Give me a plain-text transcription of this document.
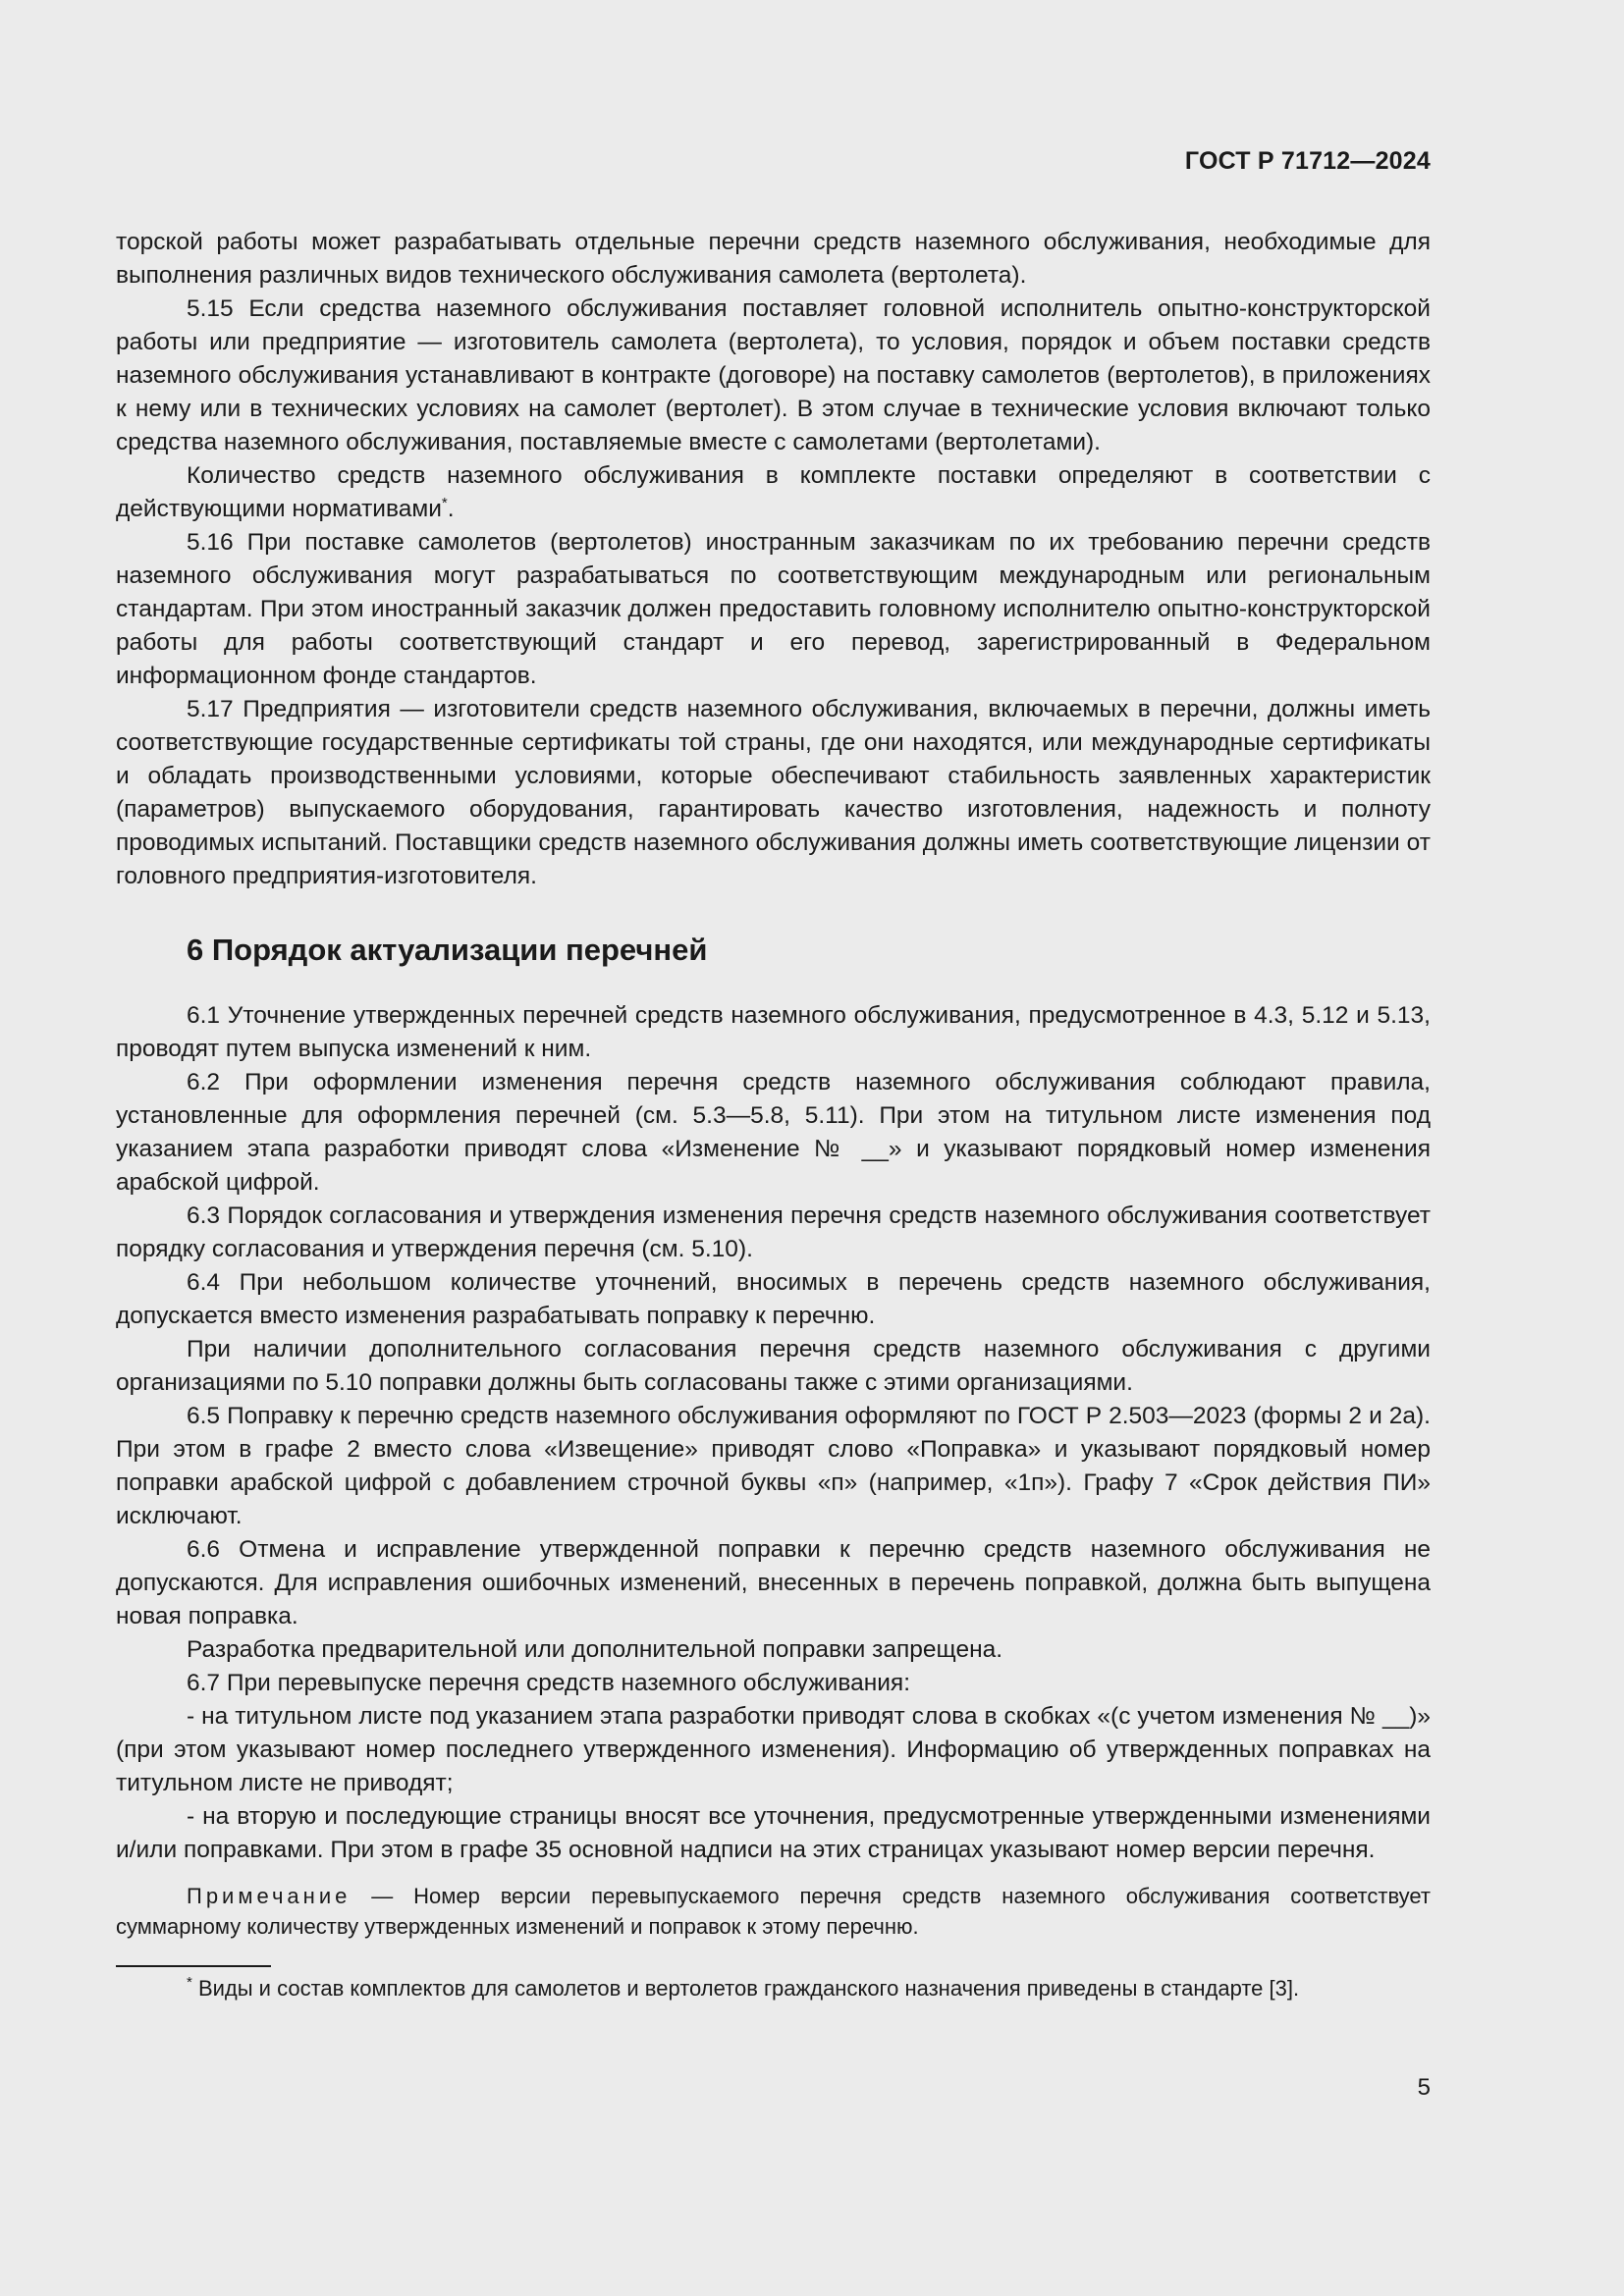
ГОСТ Р 71712—2024

торской работы может разрабатывать отдельные перечни средств наземного обслуживания, необходимые для выполнения различных видов технического обслуживания самолета (вертолета).

5.15 Если средства наземного обслуживания поставляет головной исполнитель опытно-конструкторской работы или предприятие — изготовитель самолета (вертолета), то условия, порядок и объем поставки средств наземного обслуживания устанавливают в контракте (договоре) на поставку самолетов (вертолетов), в приложениях к нему или в технических условиях на самолет (вертолет). В этом случае в технические условия включают только средства наземного обслуживания, поставляемые вместе с самолетами (вертолетами).

Количество средств наземного обслуживания в комплекте поставки определяют в соответствии с действующими нормативами*.

5.16 При поставке самолетов (вертолетов) иностранным заказчикам по их требованию перечни средств наземного обслуживания могут разрабатываться по соответствующим международным или региональным стандартам. При этом иностранный заказчик должен предоставить головному исполнителю опытно-конструкторской работы для работы соответствующий стандарт и его перевод, зарегистрированный в Федеральном информационном фонде стандартов.

5.17 Предприятия — изготовители средств наземного обслуживания, включаемых в перечни, должны иметь соответствующие государственные сертификаты той страны, где они находятся, или международные сертификаты и обладать производственными условиями, которые обеспечивают стабильность заявленных характеристик (параметров) выпускаемого оборудования, гарантировать качество изготовления, надежность и полноту проводимых испытаний. Поставщики средств наземного обслуживания должны иметь соответствующие лицензии от головного предприятия-изготовителя.

6 Порядок актуализации перечней

6.1 Уточнение утвержденных перечней средств наземного обслуживания, предусмотренное в 4.3, 5.12 и 5.13, проводят путем выпуска изменений к ним.

6.2 При оформлении изменения перечня средств наземного обслуживания соблюдают правила, установленные для оформления перечней (см. 5.3—5.8, 5.11). При этом на титульном листе изменения под указанием этапа разработки приводят слова «Изменение № __» и указывают порядковый номер изменения арабской цифрой.

6.3 Порядок согласования и утверждения изменения перечня средств наземного обслуживания соответствует порядку согласования и утверждения перечня (см. 5.10).

6.4 При небольшом количестве уточнений, вносимых в перечень средств наземного обслуживания, допускается вместо изменения разрабатывать поправку к перечню.

При наличии дополнительного согласования перечня средств наземного обслуживания с другими организациями по 5.10 поправки должны быть согласованы также с этими организациями.

6.5 Поправку к перечню средств наземного обслуживания оформляют по ГОСТ Р 2.503—2023 (формы 2 и 2а). При этом в графе 2 вместо слова «Извещение» приводят слово «Поправка» и указывают порядковый номер поправки арабской цифрой с добавлением строчной буквы «п» (например, «1п»). Графу 7 «Срок действия ПИ» исключают.

6.6 Отмена и исправление утвержденной поправки к перечню средств наземного обслуживания не допускаются. Для исправления ошибочных изменений, внесенных в перечень поправкой, должна быть выпущена новая поправка.

Разработка предварительной или дополнительной поправки запрещена.

6.7 При перевыпуске перечня средств наземного обслуживания:

- на титульном листе под указанием этапа разработки приводят слова в скобках «(с учетом изменения № __)» (при этом указывают номер последнего утвержденного изменения). Информацию об утвержденных поправках на титульном листе не приводят;

- на вторую и последующие страницы вносят все уточнения, предусмотренные утвержденными изменениями и/или поправками. При этом в графе 35 основной надписи на этих страницах указывают номер версии перечня.

Примечание — Номер версии перевыпускаемого перечня средств наземного обслуживания соответствует суммарному количеству утвержденных изменений и поправок к этому перечню.

* Виды и состав комплектов для самолетов и вертолетов гражданского назначения приведены в стандарте [3].

5
